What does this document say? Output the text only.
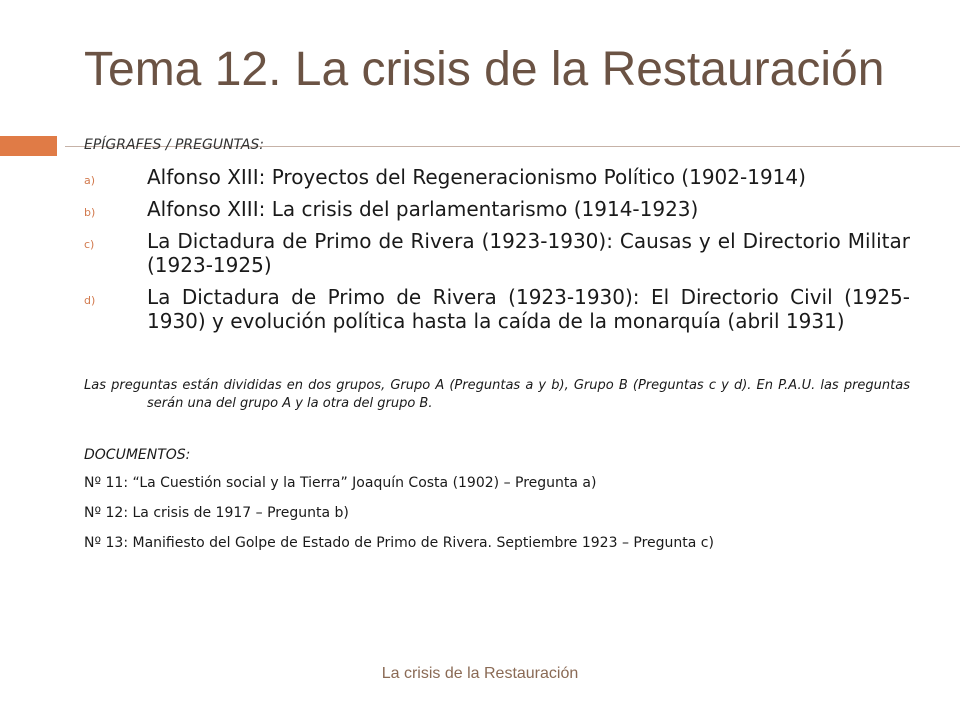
Tema 12. La crisis de la Restauración
EPÍGRAFES / PREGUNTAS:
a)	Alfonso XIII: Proyectos del Regeneracionismo Político (1902-1914)
b)	Alfonso XIII: La crisis del parlamentarismo (1914-1923)
c)	La Dictadura de Primo de Rivera (1923-1930): Causas y el Directorio Militar (1923-1925)
d)	La Dictadura de Primo de Rivera (1923-1930): El Directorio Civil (1925-1930) y evolución política hasta la caída de la monarquía (abril 1931)
Las preguntas están divididas en dos grupos, Grupo A (Preguntas a y b), Grupo B (Preguntas c y d). En P.A.U. las preguntas serán una del grupo A y la otra del grupo B.
DOCUMENTOS:
Nº 11: “La Cuestión social y la Tierra” Joaquín Costa (1902) – Pregunta a)
Nº 12: La crisis de 1917 – Pregunta b)
Nº 13: Manifiesto del Golpe de Estado de Primo de Rivera. Septiembre 1923 – Pregunta c)
La crisis de la Restauración
